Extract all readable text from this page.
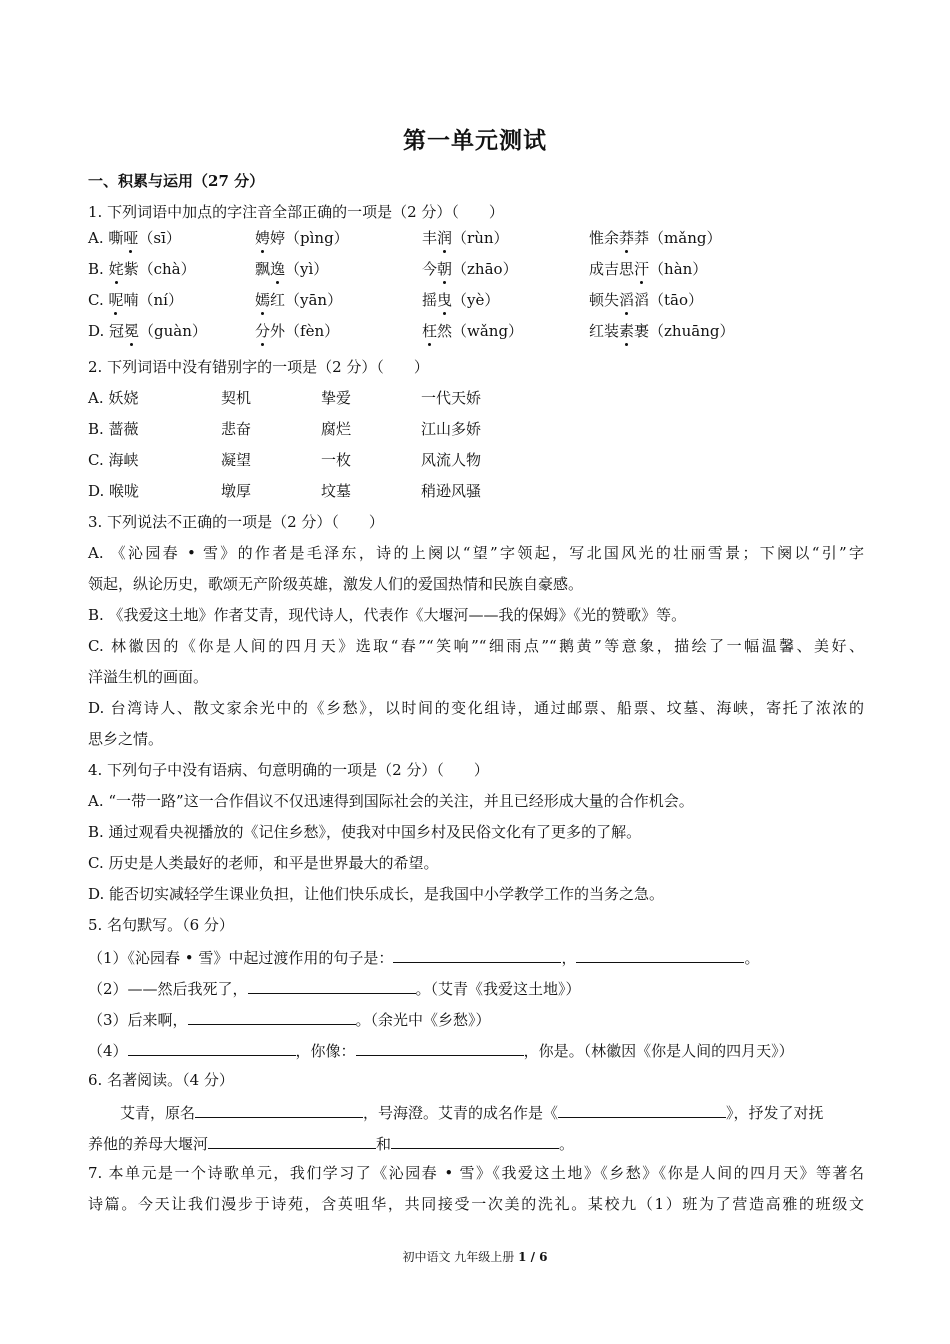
第一单元测试
一、积累与运用（27 分）
1. 下列词语中加点的字注音全部正确的一项是（2 分）（　　）
A. 嘶哑（sī）	娉婷（pìng）	丰润（rùn）	惟余莽莽（mǎng）
B. 姹紫（chà）	飘逸（yì）	今朝（zhāo）	成吉思汗（hàn）
C. 呢喃（ní）	嫣红（yān）	摇曳（yè）	顿失滔滔（tāo）
D. 冠冕（guàn）	分外（fèn）	枉然（wǎng）	红装素裹（zhuāng）
2. 下列词语中没有错别字的一项是（2 分）（　　）
A. 妖娆	契机	挚爱	一代天娇
B. 蔷薇	悲奋	腐烂	江山多娇
C. 海峡	凝望	一枚	风流人物
D. 喉咙	墩厚	坟墓	稍逊风骚
3. 下列说法不正确的一项是（2 分）（　　）
A. 《沁园春 • 雪》的作者是毛泽东，诗的上阕以“望”字领起，写北国风光的壮丽雪景；下阕以“引”字
领起，纵论历史，歌颂无产阶级英雄，激发人们的爱国热情和民族自豪感。
B. 《我爱这土地》作者艾青，现代诗人，代表作《大堰河——我的保姆》《光的赞歌》等。
C. 林徽因的《你是人间的四月天》选取“春”“笑响”“细雨点”“鹅黄”等意象，描绘了一幅温馨、美好、
洋溢生机的画面。
D. 台湾诗人、散文家余光中的《乡愁》，以时间的变化组诗，通过邮票、船票、坟墓、海峡，寄托了浓浓的
思乡之情。
4. 下列句子中没有语病、句意明确的一项是（2 分）（　　）
A. “一带一路”这一合作倡议不仅迅速得到国际社会的关注，并且已经形成大量的合作机会。
B. 通过观看央视播放的《记住乡愁》，使我对中国乡村及民俗文化有了更多的了解。
C. 历史是人类最好的老师，和平是世界最大的希望。
D. 能否切实减轻学生课业负担，让他们快乐成长，是我国中小学教学工作的当务之急。
5. 名句默写。（6 分）
（1）《沁园春 • 雪》中起过渡作用的句子是：	，	。
（2）——然后我死了，	。（艾青《我爱这土地》）
（3）后来啊，	。（余光中《乡愁》）
（4）	，你像：	，你是。（林徽因《你是人间的四月天》）
6. 名著阅读。（4 分）
艾青，原名	，号海澄。艾青的成名作是《	》，抒发了对抚
养他的养母大堰河	和	。
7. 本单元是一个诗歌单元，我们学习了《沁园春 • 雪》《我爱这土地》《乡愁》《你是人间的四月天》等著名
诗篇。今天让我们漫步于诗苑，含英咀华，共同接受一次美的洗礼。某校九（1）班为了营造高雅的班级文
初中语文 九年级上册 1 / 6
